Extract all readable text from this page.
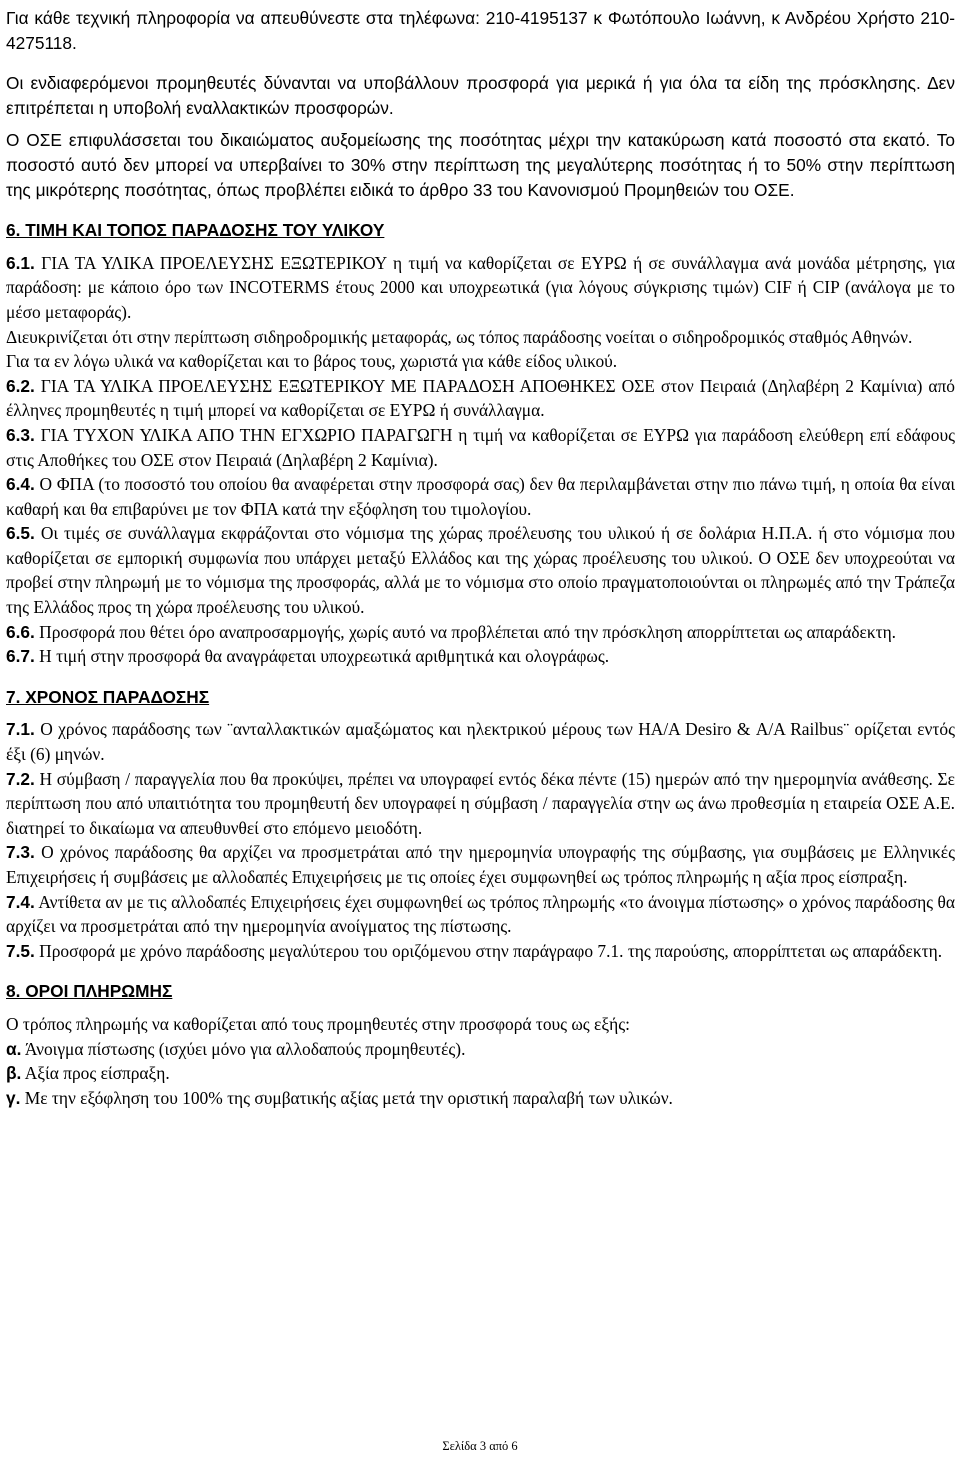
Για κάθε τεχνική πληροφορία να απευθύνεστε στα τηλέφωνα: 210-4195137 κ Φωτόπουλο Ιωάννη, κ Ανδρέου Χρήστο 210-4275118.

Οι ενδιαφερόμενοι προμηθευτές δύνανται να υποβάλλουν προσφορά για μερικά ή για όλα τα είδη της πρόσκλησης. Δεν επιτρέπεται η υποβολή εναλλακτικών προσφορών.

Ο ΟΣΕ επιφυλάσσεται του δικαιώματος αυξομείωσης της ποσότητας μέχρι την κατακύρωση κατά ποσοστό στα εκατό. Το ποσοστό αυτό δεν μπορεί να υπερβαίνει το 30% στην περίπτωση της μεγαλύτερης ποσότητας ή το 50% στην περίπτωση της μικρότερης ποσότητας, όπως προβλέπει ειδικά το άρθρο 33 του Κανονισμού Προμηθειών του ΟΣΕ.

6. ΤΙΜΗ ΚΑΙ ΤΟΠΟΣ ΠΑΡΑΔΟΣΗΣ ΤΟΥ ΥΛΙΚΟΥ

6.1. ΓΙΑ ΤΑ ΥΛΙΚΑ ΠΡΟΕΛΕΥΣΗΣ ΕΞΩΤΕΡΙΚΟΥ η τιμή να καθορίζεται σε ΕΥΡΩ ή σε συνάλλαγμα ανά μονάδα μέτρησης, για παράδοση: με κάποιο όρο των INCOTERMS έτους 2000 και υποχρεωτικά (για λόγους σύγκρισης τιμών) CIF ή CIP (ανάλογα με το μέσο μεταφοράς).

Διευκρινίζεται ότι στην περίπτωση σιδηροδρομικής μεταφοράς, ως τόπος παράδοσης νοείται ο σιδηροδρομικός σταθμός Αθηνών.

Για τα εν λόγω υλικά να καθορίζεται και το βάρος τους, χωριστά για κάθε είδος υλικού.

6.2. ΓΙΑ ΤΑ ΥΛΙΚΑ ΠΡΟΕΛΕΥΣΗΣ ΕΞΩΤΕΡΙΚΟΥ ΜΕ ΠΑΡΑΔΟΣΗ ΑΠΟΘΗΚΕΣ ΟΣΕ στον Πειραιά (Δηλαβέρη 2 Καμίνια) από έλληνες προμηθευτές η τιμή μπορεί να καθορίζεται σε ΕΥΡΩ ή συνάλλαγμα.

6.3. ΓΙΑ ΤΥΧΟΝ ΥΛΙΚΑ ΑΠΟ ΤΗΝ ΕΓΧΩΡΙΟ ΠΑΡΑΓΩΓΗ η τιμή να καθορίζεται σε ΕΥΡΩ για παράδοση ελεύθερη επί εδάφους στις Αποθήκες του ΟΣΕ στον Πειραιά (Δηλαβέρη 2 Καμίνια).

6.4. Ο ΦΠΑ (το ποσοστό του οποίου θα αναφέρεται στην προσφορά σας) δεν θα περιλαμβάνεται στην πιο πάνω τιμή, η οποία θα είναι καθαρή και θα επιβαρύνει με τον ΦΠΑ κατά την εξόφληση του τιμολογίου.

6.5. Οι τιμές σε συνάλλαγμα εκφράζονται στο νόμισμα της χώρας προέλευσης του υλικού ή σε δολάρια Η.Π.Α. ή στο νόμισμα που καθορίζεται σε εμπορική συμφωνία που υπάρχει μεταξύ Ελλάδος και της χώρας προέλευσης του υλικού. Ο ΟΣΕ δεν υποχρεούται να προβεί στην πληρωμή με το νόμισμα της προσφοράς, αλλά με το νόμισμα στο οποίο πραγματοποιούνται οι πληρωμές από την Τράπεζα της Ελλάδος προς τη χώρα προέλευσης του υλικού.

6.6. Προσφορά που θέτει όρο αναπροσαρμογής, χωρίς αυτό να προβλέπεται από την πρόσκληση απορρίπτεται ως απαράδεκτη.

6.7. Η τιμή στην προσφορά θα αναγράφεται υποχρεωτικά αριθμητικά και ολογράφως.

7. ΧΡΟΝΟΣ ΠΑΡΑΔΟΣΗΣ

7.1. Ο χρόνος παράδοσης των ¨ανταλλακτικών αμαξώματος και ηλεκτρικού μέρους των ΗΑ/Α Desiro & Α/Α Railbus¨ ορίζεται εντός έξι (6) μηνών.

7.2. Η σύμβαση / παραγγελία που θα προκύψει, πρέπει να υπογραφεί εντός δέκα πέντε (15) ημερών από την ημερομηνία ανάθεσης. Σε περίπτωση που από υπαιτιότητα του προμηθευτή δεν υπογραφεί η σύμβαση / παραγγελία στην ως άνω προθεσμία η εταιρεία ΟΣΕ Α.Ε. διατηρεί το δικαίωμα να απευθυνθεί στο επόμενο μειοδότη.

7.3. Ο χρόνος παράδοσης θα αρχίζει να προσμετράται από την ημερομηνία υπογραφής της σύμβασης, για συμβάσεις με Ελληνικές Επιχειρήσεις ή συμβάσεις με αλλοδαπές Επιχειρήσεις με τις οποίες έχει συμφωνηθεί ως τρόπος πληρωμής η αξία προς είσπραξη.

7.4. Αντίθετα αν με τις αλλοδαπές Επιχειρήσεις έχει συμφωνηθεί ως τρόπος πληρωμής «το άνοιγμα πίστωσης» ο χρόνος παράδοσης θα αρχίζει να προσμετράται από την ημερομηνία ανοίγματος της πίστωσης.

7.5. Προσφορά με χρόνο παράδοσης μεγαλύτερου του οριζόμενου στην παράγραφο 7.1. της παρούσης, απορρίπτεται ως απαράδεκτη.

8. ΟΡΟΙ ΠΛΗΡΩΜΗΣ

Ο τρόπος πληρωμής να καθορίζεται από τους προμηθευτές στην προσφορά τους ως εξής:

α. Άνοιγμα πίστωσης (ισχύει μόνο για αλλοδαπούς προμηθευτές).

β. Αξία προς είσπραξη.

γ. Με την εξόφληση του 100% της συμβατικής αξίας μετά την οριστική παραλαβή των υλικών.

Σελίδα 3 από 6
